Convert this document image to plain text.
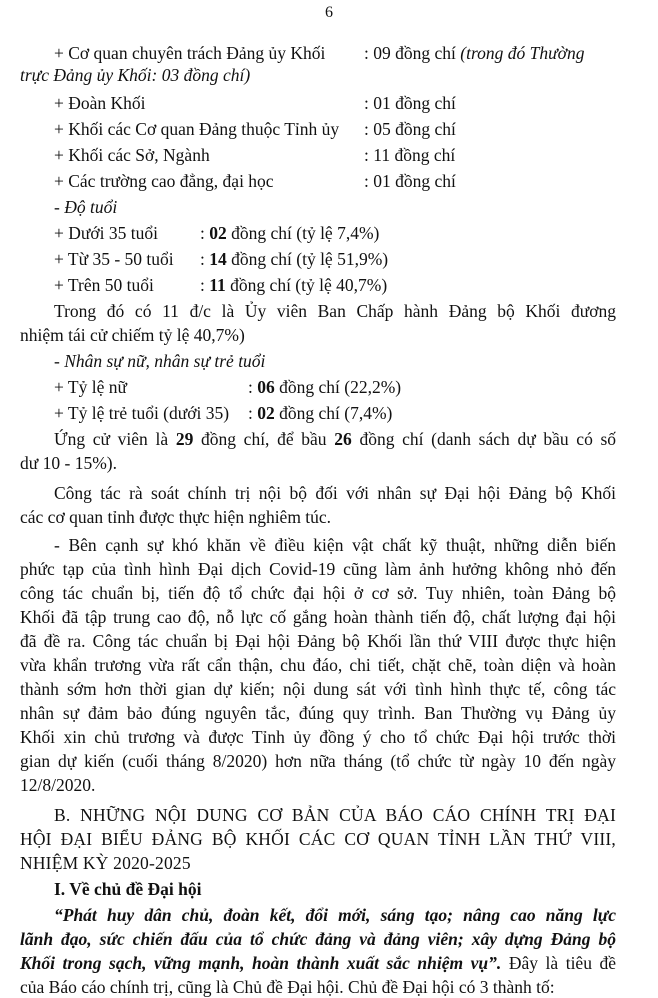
6
+ Cơ quan chuyên trách Đảng ủy Khối : 09 đồng chí (trong đó Thường
trực Đảng ủy Khối: 03 đồng chí)
+ Đoàn Khối	: 01 đồng chí
+ Khối các Cơ quan Đảng thuộc Tỉnh ủy : 05 đồng chí
+ Khối các Sở, Ngành	: 11 đồng chí
+ Các trường cao đẳng, đại học	: 01 đồng chí
- Độ tuổi
+ Dưới 35 tuổi : 02 đồng chí (tỷ lệ 7,4%)
+ Từ 35 - 50 tuổi : 14 đồng chí (tỷ lệ 51,9%)
+ Trên 50 tuổi	: 11 đồng chí (tỷ lệ 40,7%)
Trong đó có 11 đ/c là Ủy viên Ban Chấp hành Đảng bộ Khối đương
nhiệm tái cử chiếm tỷ lệ 40,7%)
- Nhân sự nữ, nhân sự trẻ tuổi
+ Tỷ lệ nữ	: 06 đồng chí (22,2%)
+ Tỷ lệ trẻ tuổi (dưới 35) : 02 đồng chí (7,4%)
Ứng cử viên là 29 đồng chí, để bầu 26 đồng chí (danh sách dự bầu có số
dư 10 - 15%).
Công tác rà soát chính trị nội bộ đối với nhân sự Đại hội Đảng bộ Khối
các cơ quan tỉnh được thực hiện nghiêm túc.
- Bên cạnh sự khó khăn về điều kiện vật chất kỹ thuật, những diễn biến
phức tạp của tình hình Đại dịch Covid-19 cũng làm ảnh hưởng không nhỏ đến
công tác chuẩn bị, tiến độ tổ chức đại hội ở cơ sở. Tuy nhiên, toàn Đảng bộ
Khối đã tập trung cao độ, nỗ lực cố gắng hoàn thành tiến độ, chất lượng đại hội
đã đề ra. Công tác chuẩn bị Đại hội Đảng bộ Khối lần thứ VIII được thực hiện
vừa khẩn trương vừa rất cẩn thận, chu đáo, chi tiết, chặt chẽ, toàn diện và hoàn
thành sớm hơn thời gian dự kiến; nội dung sát với tình hình thực tế, công tác
nhân sự đảm bảo đúng nguyên tắc, đúng quy trình. Ban Thường vụ Đảng ủy
Khối xin chủ trương và được Tỉnh ủy đồng ý cho tổ chức Đại hội trước thời
gian dự kiến (cuối tháng 8/2020) hơn nữa tháng (tổ chức từ ngày 10 đến ngày
12/8/2020.
B. NHỮNG NỘI DUNG CƠ BẢN CỦA BÁO CÁO CHÍNH TRỊ ĐẠI
HỘI ĐẠI BIỂU ĐẢNG BỘ KHỐI CÁC CƠ QUAN TỈNH LẦN THỨ VIII,
NHIỆM KỲ 2020-2025
I. Về chủ đề Đại hội
“Phát huy dân chủ, đoàn kết, đổi mới, sáng tạo; nâng cao năng lực
lãnh đạo, sức chiến đấu của tổ chức đảng và đảng viên; xây dựng Đảng bộ
Khối trong sạch, vững mạnh, hoàn thành xuất sắc nhiệm vụ”. Đây là tiêu đề
của Báo cáo chính trị, cũng là Chủ đề Đại hội. Chủ đề Đại hội có 3 thành tố:
